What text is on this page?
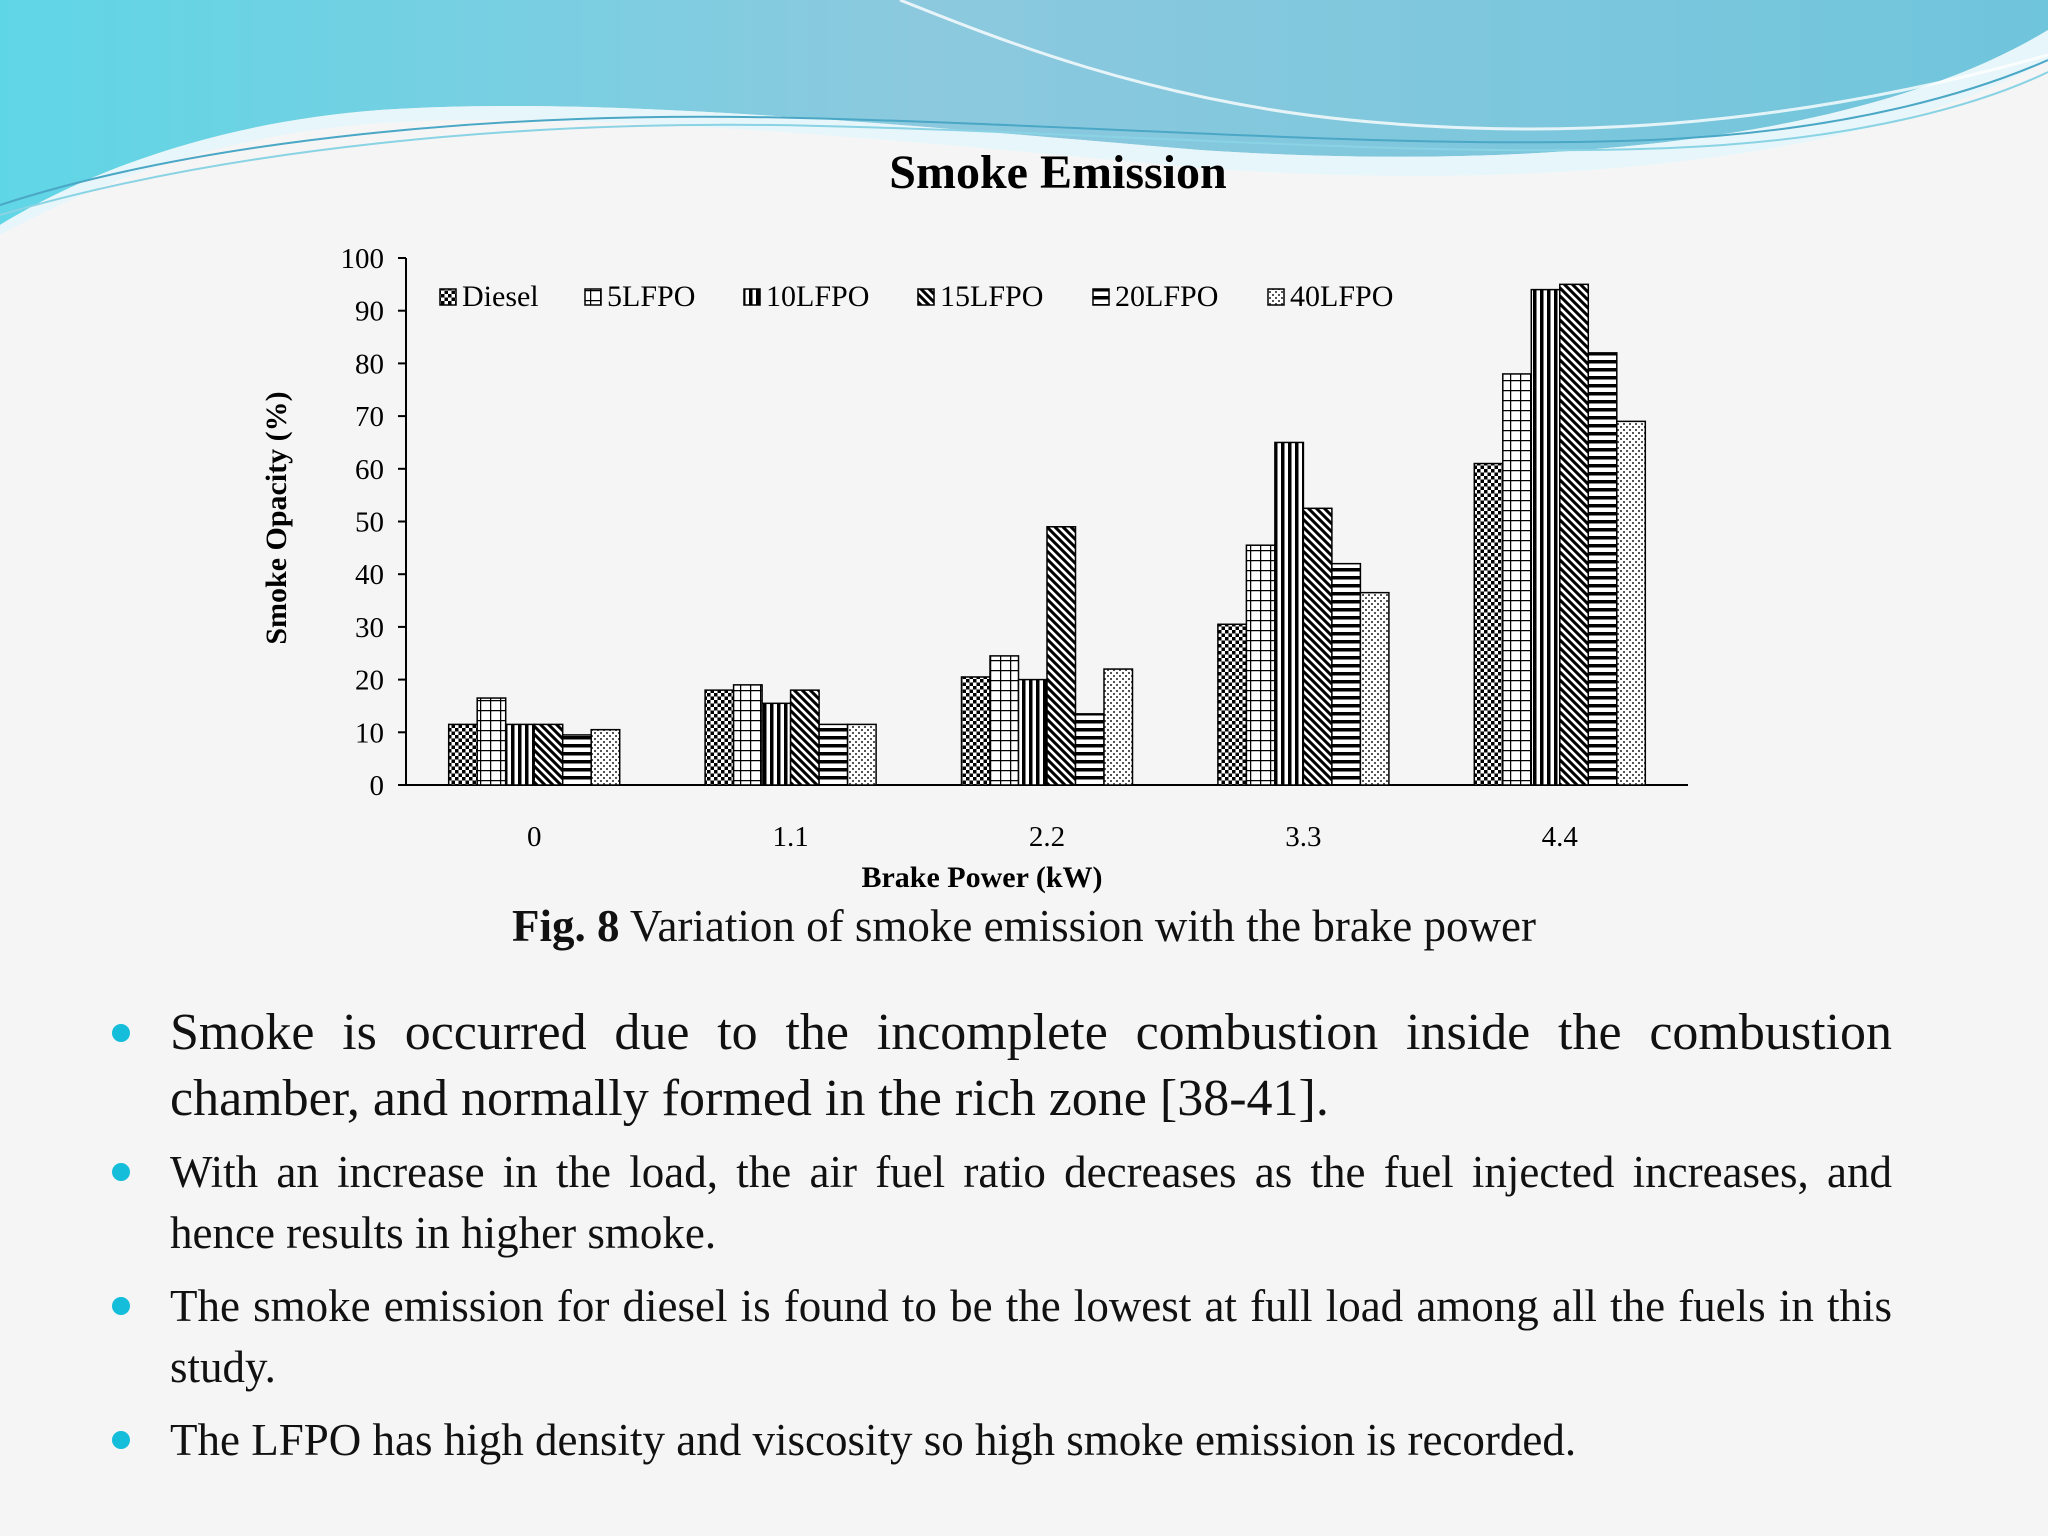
Smoke Emission
0
10
20
30
40
50
60
70
80
90
100
0	1.1	2.2	3.3	4.4
Diesel 5LFPO 10LFPO 15LFPO 20LFPO 40LFPO
Brake Power (kW)
Smoke Opacity (%)
Fig. 8 Variation of smoke emission with the brake power
Smoke is occurred due to the incomplete combustion inside the combustion chamber, and normally formed in the rich zone [38-41].
With an increase in the load, the air fuel ratio decreases as the fuel injected increases, and hence results in higher smoke.
The smoke emission for diesel is found to be the lowest at full load among all the fuels in this study.
The LFPO has high density and viscosity so high smoke emission is recorded.
